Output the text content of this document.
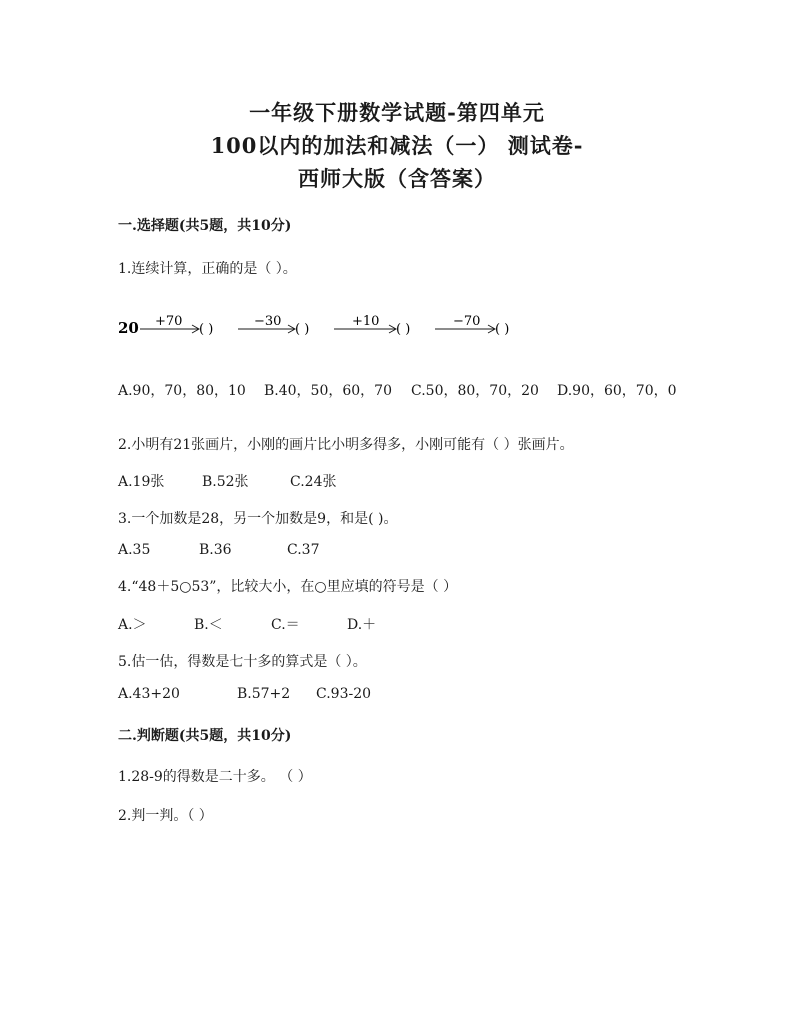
一年级下册数学试题-第四单元
100以内的加法和减法（一） 测试卷-
西师大版（含答案）
一.选择题(共5题，共10分)
1.连续计算，正确的是（ ）。
20 +70
( )
−30
( )
+10
( )
−70
( )
A.90，70，80，10 B.40，50，60，70 C.50，80，70，20 D.90，60，70，0
2.小明有21张画片，小刚的画片比小明多得多，小刚可能有（ ）张画片。
A.19张	B.52张	C.24张
3.一个加数是28，另一个加数是9，和是( )。
A.35	B.36	C.37
4.“48＋5○53”，比较大小，在○里应填的符号是（ ）
A.＞	B.＜	C.＝	D.＋
5.估一估，得数是七十多的算式是（ ）。
A.43+20	B.57+2 C.93-20
二.判断题(共5题，共10分)
1.28-9的得数是二十多。 （ ）
2.判一判。（ ）
